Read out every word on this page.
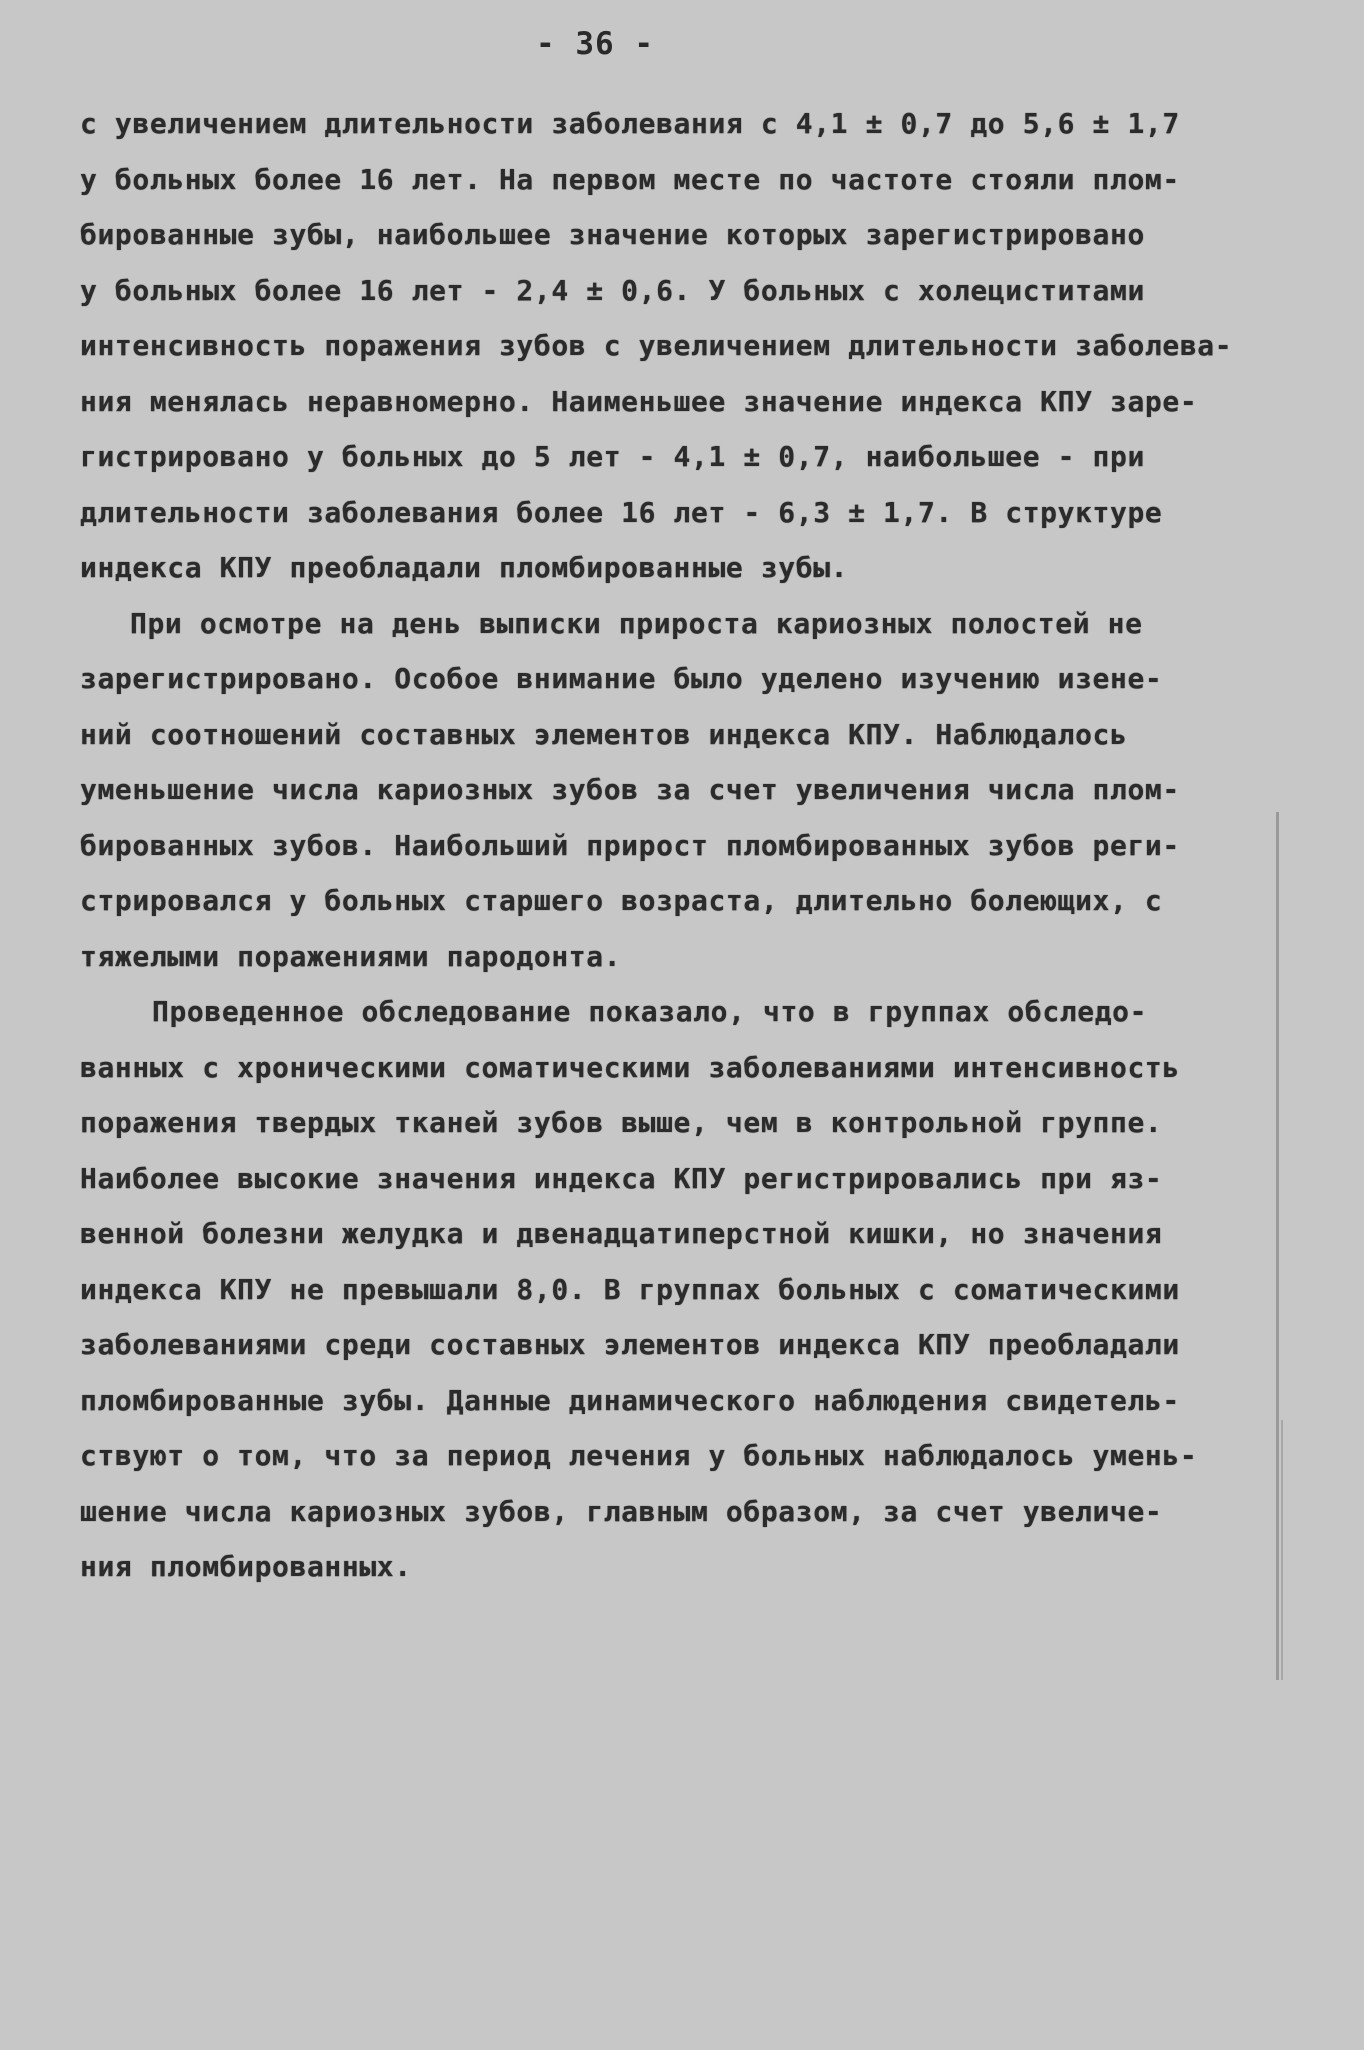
- 36 -
с увеличением длительности заболевания с 4,1 ± 0,7 до 5,6 ± 1,7
у больных более 16 лет. На первом месте по частоте стояли плом-
бированные зубы, наибольшее значение которых зарегистрировано
у больных более 16 лет - 2,4 ± 0,6. У больных с холециститами
интенсивность поражения зубов с увеличением длительности заболева-
ния менялась неравномерно. Наименьшее значение индекса КПУ заре-
гистрировано у больных до 5 лет - 4,1 ± 0,7, наибольшее - при
длительности заболевания более 16 лет - 6,3 ± 1,7. В структуре
индекса КПУ преобладали пломбированные зубы.
При осмотре на день выписки прироста кариозных полостей не
зарегистрировано. Особое внимание было уделено изучению изене-
ний соотношений составных элементов индекса КПУ. Наблюдалось
уменьшение числа кариозных зубов за счет увеличения числа плом-
бированных зубов. Наибольший прирост пломбированных зубов реги-
стрировался у больных старшего возраста, длительно болеющих, с
тяжелыми поражениями пародонта.
Проведенное обследование показало, что в группах обследо-
ванных с хроническими соматическими заболеваниями интенсивность
поражения твердых тканей зубов выше, чем в контрольной группе.
Наиболее высокие значения индекса КПУ регистрировались при яз-
венной болезни желудка и двенадцатиперстной кишки, но значения
индекса КПУ не превышали 8,0. В группах больных с соматическими
заболеваниями среди составных элементов индекса КПУ преобладали
пломбированные зубы. Данные динамического наблюдения свидетель-
ствуют о том, что за период лечения у больных наблюдалось умень-
шение числа кариозных зубов, главным образом, за счет увеличе-
ния пломбированных.
